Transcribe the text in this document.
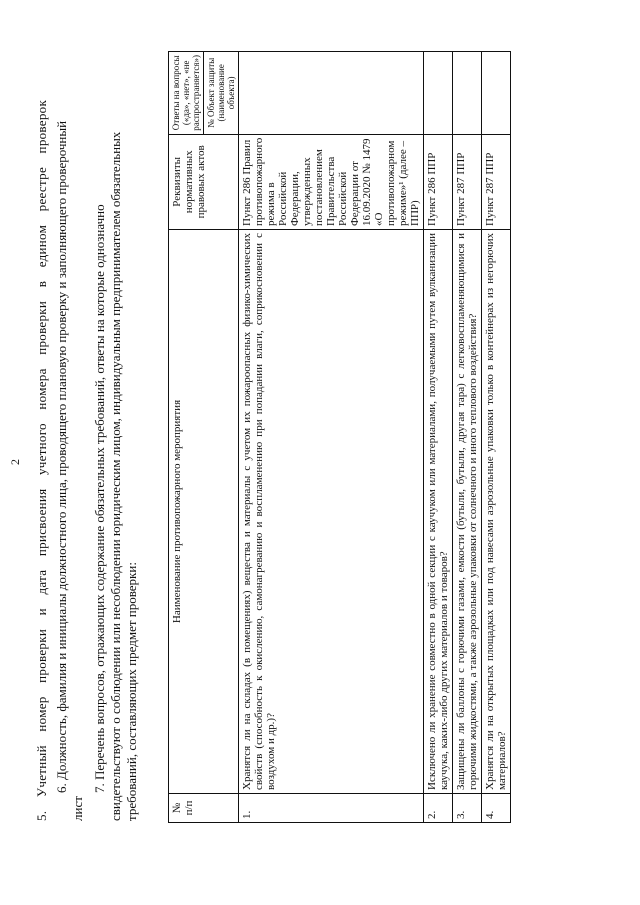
2 5. Учетный номер проверки и дата присвоения учетного номера проверки в едином реестре проверок 6. Должность, фамилия и инициалы должностного лица, проводящего плановую проверку и заполняющего проверочный
лист

7. Перечень вопросов, отражающих содержание обязательных требований, ответы на которые однозначно свидетельствуют о соблюдении или несоблюдении юридическим лицом, индивидуальным предпринимателем обязательных требований, составляющих предмет проверки:	№ п/п	Наименование противопожарного мероприятия	Реквизиты нормативных правовых актов	Ответы на вопросы («да», «нет», «не распространяется»)

			№ Объект защиты (наименование объекта)

1.	Хранятся ли на складах (в помещениях) вещества и материалы с учетом их пожароопасных физико-химических свойств (способность к окислению, самонагреванию и воспламенению при попадании влаги, соприкосновении с воздухом и др.)?	Пункт 286 Правил противопожарного режима в Российской Федерации, утвержденных постановлением Правительства Российской Федерации от 16.09.2020 № 1479 «О противопожарном режиме»¹ (далее – ППР)	
2.	Исключено ли хранение совместно в одной секции с каучуком или материалами, получаемыми путем вулканизации каучука, каких-либо других материалов и товаров?	Пункт 286 ППР	
3.	Защищены ли баллоны с горючими газами, емкости (бутыли, бутыли, другая тара) с легковоспламеняющимися и горючими жидкостями, а также аэрозольные упаковки от солнечного и иного теплового воздействия?	Пункт 287 ППР	
4.	Хранятся ли на открытых площадках или под навесами аэрозольные упаковки только в контейнерах из негорючих материалов?	Пункт 287 ППР	
